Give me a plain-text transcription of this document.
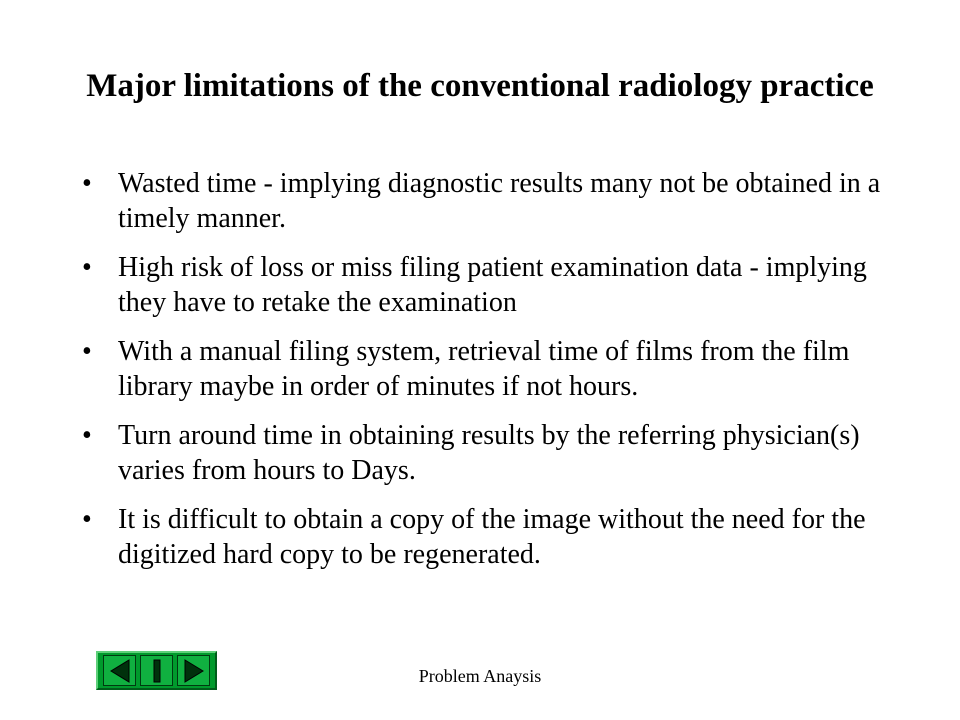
Major limitations of the conventional radiology practice
• Wasted time - implying diagnostic results many not be obtained in a timely manner.
• High risk of loss or miss filing patient examination data - implying they have to retake the examination
• With a manual filing system, retrieval time of films from the film library maybe in order of minutes if not hours.
• Turn around time in obtaining results by the referring physician(s) varies from hours to Days.
• It is difficult to obtain a copy of the image without the need for the digitized hard copy to be regenerated.
Problem Anaysis
